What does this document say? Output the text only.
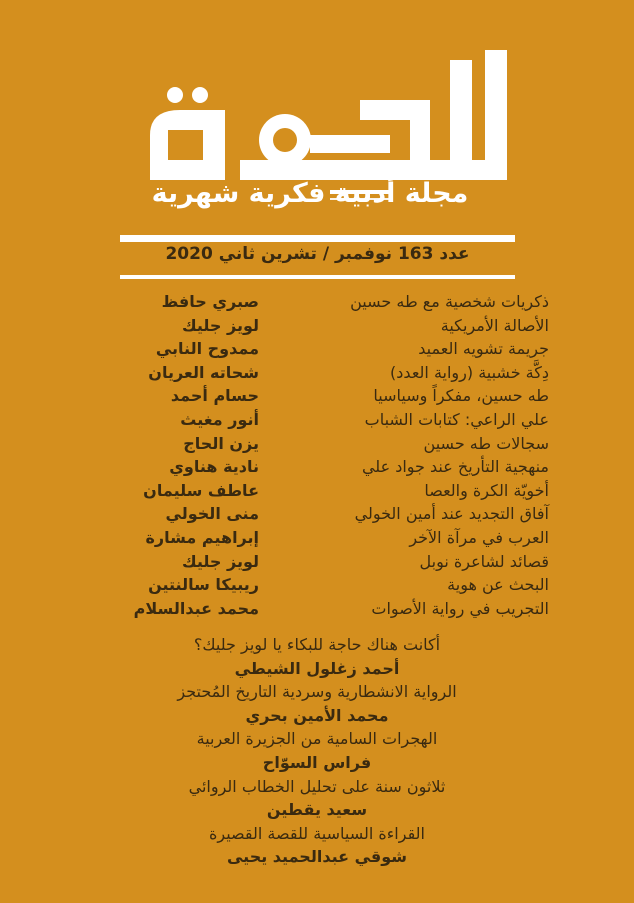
مجلة أدبية فكرية شهرية
عدد 163 نوفمبر / تشرين ثاني 2020
ذكريات شخصية مع طه حسين
صبري حافظ
الأصالة الأمريكية
لويز جليك
جريمة تشويه العميد
ممدوح النابي
دِكَّة خشبية (رواية العدد)
شحاته العريان
طه حسين، مفكراً وسياسيا
حسام أحمد
علي الراعي: كتابات الشباب
أنور مغيث
سجالات طه حسين
يزن الحاج
منهجية التأريخ عند جواد علي
نادية هناوي
أخويّة الكرة والعصا
عاطف سليمان
آفاق التجديد عند أمين الخولي
منى الخولي
العرب في مرآة الآخر
إبراهيم مشارة
قصائد لشاعرة نوبل
لويز جليك
البحث عن هوية
ريبيكا سالنتين
التجريب في رواية الأصوات
محمد عبدالسلام
أكانت هناك حاجة للبكاء يا لويز جليك؟
أحمد زغلول الشيطي
الرواية الانشطارية وسردية التاريخ المُحتجز
محمد الأمين بحري
الهجرات السامية من الجزيرة العربية
فراس السوّاح
ثلاثون سنة على تحليل الخطاب الروائي
سعيد يقطين
القراءة السياسية للقصة القصيرة
شوقي عبدالحميد يحيى
